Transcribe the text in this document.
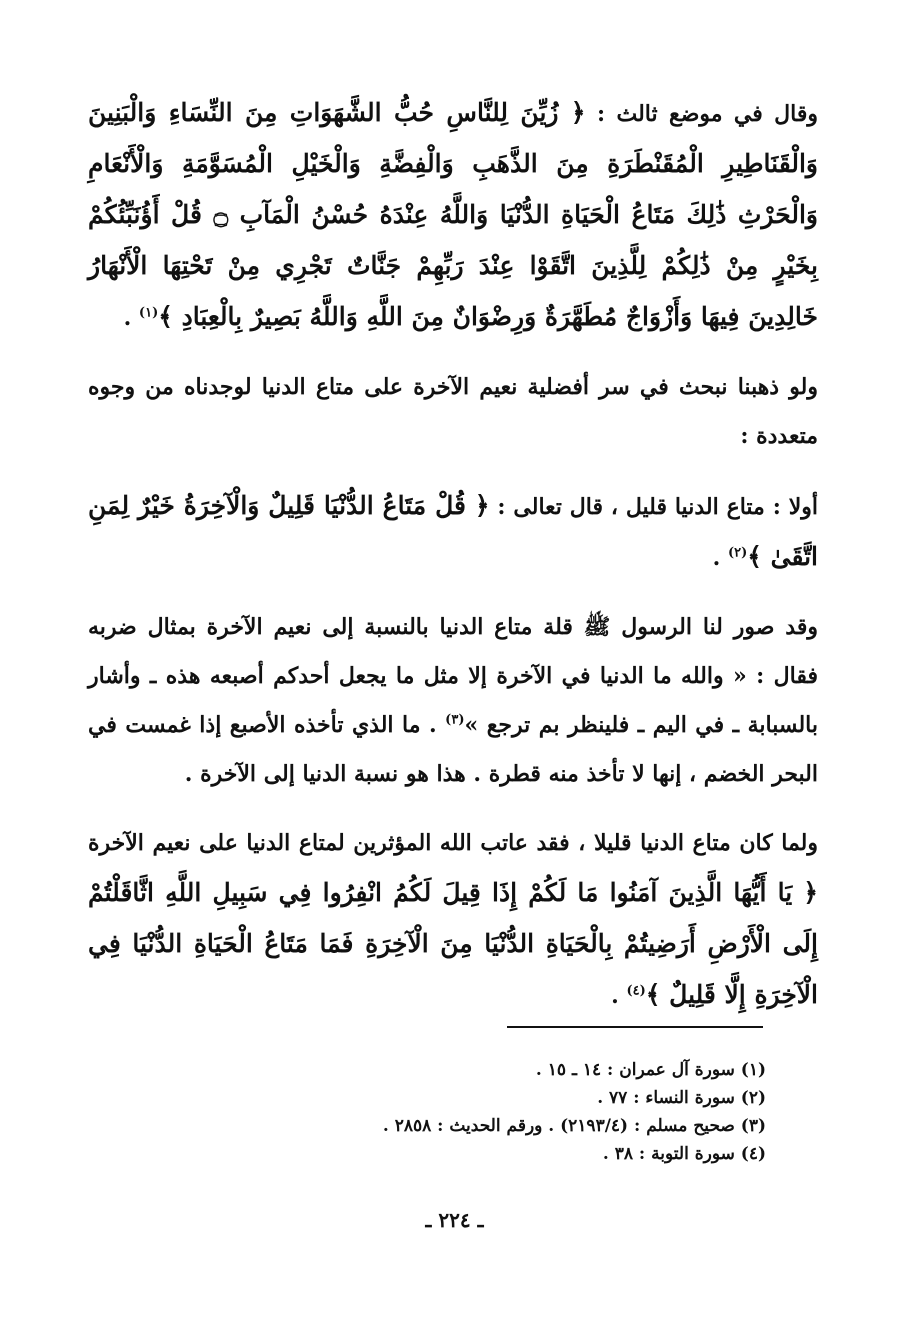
وقال في موضع ثالث : ﴿ زُيِّنَ لِلنَّاسِ حُبُّ الشَّهَوَاتِ مِنَ النِّسَاءِ وَالْبَنِينَ وَالْقَنَاطِيرِ الْمُقَنْطَرَةِ مِنَ الذَّهَبِ وَالْفِضَّةِ وَالْخَيْلِ الْمُسَوَّمَةِ وَالْأَنْعَامِ وَالْحَرْثِ ذَٰلِكَ مَتَاعُ الْحَيَاةِ الدُّنْيَا وَاللَّهُ عِنْدَهُ حُسْنُ الْمَآبِ ۝ قُلْ أَؤُنَبِّئُكُمْ بِخَيْرٍ مِنْ ذَٰلِكُمْ لِلَّذِينَ اتَّقَوْا عِنْدَ رَبِّهِمْ جَنَّاتٌ تَجْرِي مِنْ تَحْتِهَا الْأَنْهَارُ خَالِدِينَ فِيهَا وَأَزْوَاجٌ مُطَهَّرَةٌ وَرِضْوَانٌ مِنَ اللَّهِ وَاللَّهُ بَصِيرٌ بِالْعِبَادِ ﴾$^{(١)}$ .

ولو ذهبنا نبحث في سر أفضلية نعيم الآخرة على متاع الدنيا لوجدناه من وجوه متعددة :

أولا : متاع الدنيا قليل ، قال تعالى : ﴿ قُلْ مَتَاعُ الدُّنْيَا قَلِيلٌ وَالْآخِرَةُ خَيْرٌ لِمَنِ اتَّقَىٰ ﴾$^{(٢)}$ .

وقد صور لنا الرسول ﷺ قلة متاع الدنيا بالنسبة إلى نعيم الآخرة بمثال ضربه فقال : « والله ما الدنيا في الآخرة إلا مثل ما يجعل أحدكم أصبعه هذه ـ وأشار بالسبابة ـ في اليم ـ فلينظر بم ترجع »$^{(٣)}$ . ما الذي تأخذه الأصبع إذا غمست في البحر الخضم ، إنها لا تأخذ منه قطرة . هذا هو نسبة الدنيا إلى الآخرة .

ولما كان متاع الدنيا قليلا ، فقد عاتب الله المؤثرين لمتاع الدنيا على نعيم الآخرة ﴿ يَا أَيُّهَا الَّذِينَ آمَنُوا مَا لَكُمْ إِذَا قِيلَ لَكُمُ انْفِرُوا فِي سَبِيلِ اللَّهِ اثَّاقَلْتُمْ إِلَى الْأَرْضِ أَرَضِيتُمْ بِالْحَيَاةِ الدُّنْيَا مِنَ الْآخِرَةِ فَمَا مَتَاعُ الْحَيَاةِ الدُّنْيَا فِي الْآخِرَةِ إِلَّا قَلِيلٌ ﴾$^{(٤)}$ .

(١) سورة آل عمران : ١٤ ـ ١٥ .
(٢) سورة النساء : ٧٧ .
(٣) صحيح مسلم : (٢١٩٣/٤) . ورقم الحديث : ٢٨٥٨ .
(٤) سورة التوبة : ٣٨ .
ـ ٢٢٤ ـ
